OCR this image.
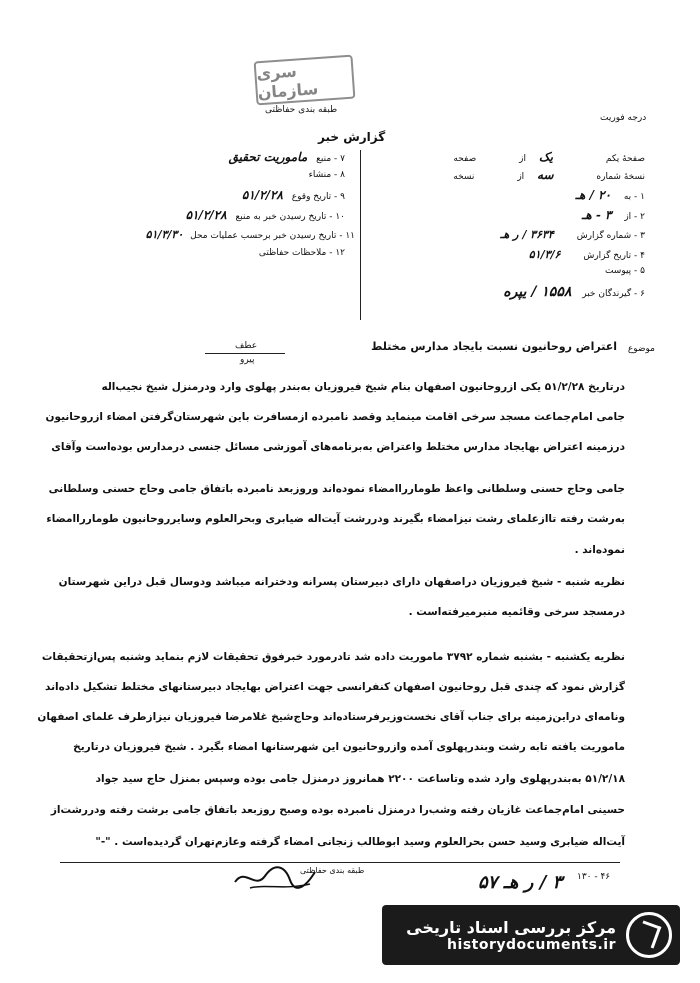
سری سازمان
طبقه بندی حفاظتی
درجه فوریت
گزارش خبر
۷ - منبع ماموریت تحقیق
۸ - منشاء
۹ - تاریخ وقوع ۵۱/۲/۲۸
۱۰ - تاریخ رسیدن خبر به منبع ۵۱/۲/۲۸
۱۱ - تاریخ رسیدن خبر برحسب عملیات محل ۵۱/۳/۳۰
۱۲ - ملاحظات حفاظتی
صفحهٔ یکم یک از صفحه
نسخهٔ شماره سه از نسخه
۱ - به ۲۰ / هـ
۲ - از ۳ - هـ
۳ - شماره گزارش ۳۶۳۴ / ر هـ
۴ - تاریخ گزارش ۵۱/۳/۶
۵ - پیوست
۶ - گیرندگان خبر ۱۵۵۸ / یپره
موضوع
اعتراض روحانیون نسبت بایجاد مدارس مختلط
عطف
پیرو
درتاریخ ۵۱/۲/۲۸ یکی ازروحانیون اصفهان بنام شیخ فیروزیان به‌بندر پهلوی وارد ودرمنزل شیخ نجیب‌اله
جامی امام‌جماعت مسجد سرخی اقامت مینماید وقصد نامبرده ازمسافرت باین شهرستان‌گرفتن امضاء ازروحانیون
درزمینه اعتراض بهایجاد مدارس مختلط واعتراض به‌برنامه‌های آموزشی مسائل جنسی درمدارس بوده‌است وآقای
جامی وحاج حسنی وسلطانی واعظ طومارراامضاء نموده‌اند وروزبعد نامبرده باتفاق جامی وحاج حسنی وسلطانی
به‌رشت رفته تاازعلمای رشت نیزامضاء بگیرند ودررشت آیت‌اله ضیابری وبحرالعلوم وسایرروحانیون طومارراامضاء
نموده‌اند .
نظریه شنبه - شیخ فیروزیان دراصفهان دارای دبیرستان پسرانه ودخترانه میباشد ودوسال قبل دراین شهرستان
درمسجد سرخی وقائمیه منبرمیرفته‌است .
نظریه یکشنبه - بشنبه شماره ۳۷۹۲ ماموریت داده شد تادرمورد خبرفوق تحقیقات لازم بنماید وشنبه پس‌ازتحقیقات
گزارش نمود که چندی قبل روحانیون اصفهان کنفرانسی جهت اعتراض بهایجاد دبیرستانهای مختلط تشکیل داده‌اند
ونامه‌ای دراین‌زمینه برای جناب آقای نخست‌وزیرفرستاده‌اند وحاج‌شیخ غلامرضا فیروزیان نیزازطرف علمای اصفهان
ماموریت یافته تابه رشت وبندرپهلوی آمده وازروحانیون این شهرستانها امضاء بگیرد . شیخ فیروزیان درتاریخ
۵۱/۲/۱۸ به‌بندرپهلوی وارد شده وتاساعت ۲۲۰۰ همانروز درمنزل جامی بوده وسپس بمنزل حاج سید جواد
حسینی امام‌جماعت غازیان رفته وشب‌را درمنزل نامبرده بوده وصبح روزبعد باتفاق جامی برشت رفته ودررشت‌از
آیت‌اله ضیابری وسید حسن بحرالعلوم وسید ابوطالب زنجانی امضاء گرفته وعازم‌تهران گردیده‌است . "-"
طبقه بندی حفاظتی
۳ / ر هـ ۵۷ ۱۳۰ - ۴۶
مرکز بررسی اسناد تاریخی
historydocuments.ir
